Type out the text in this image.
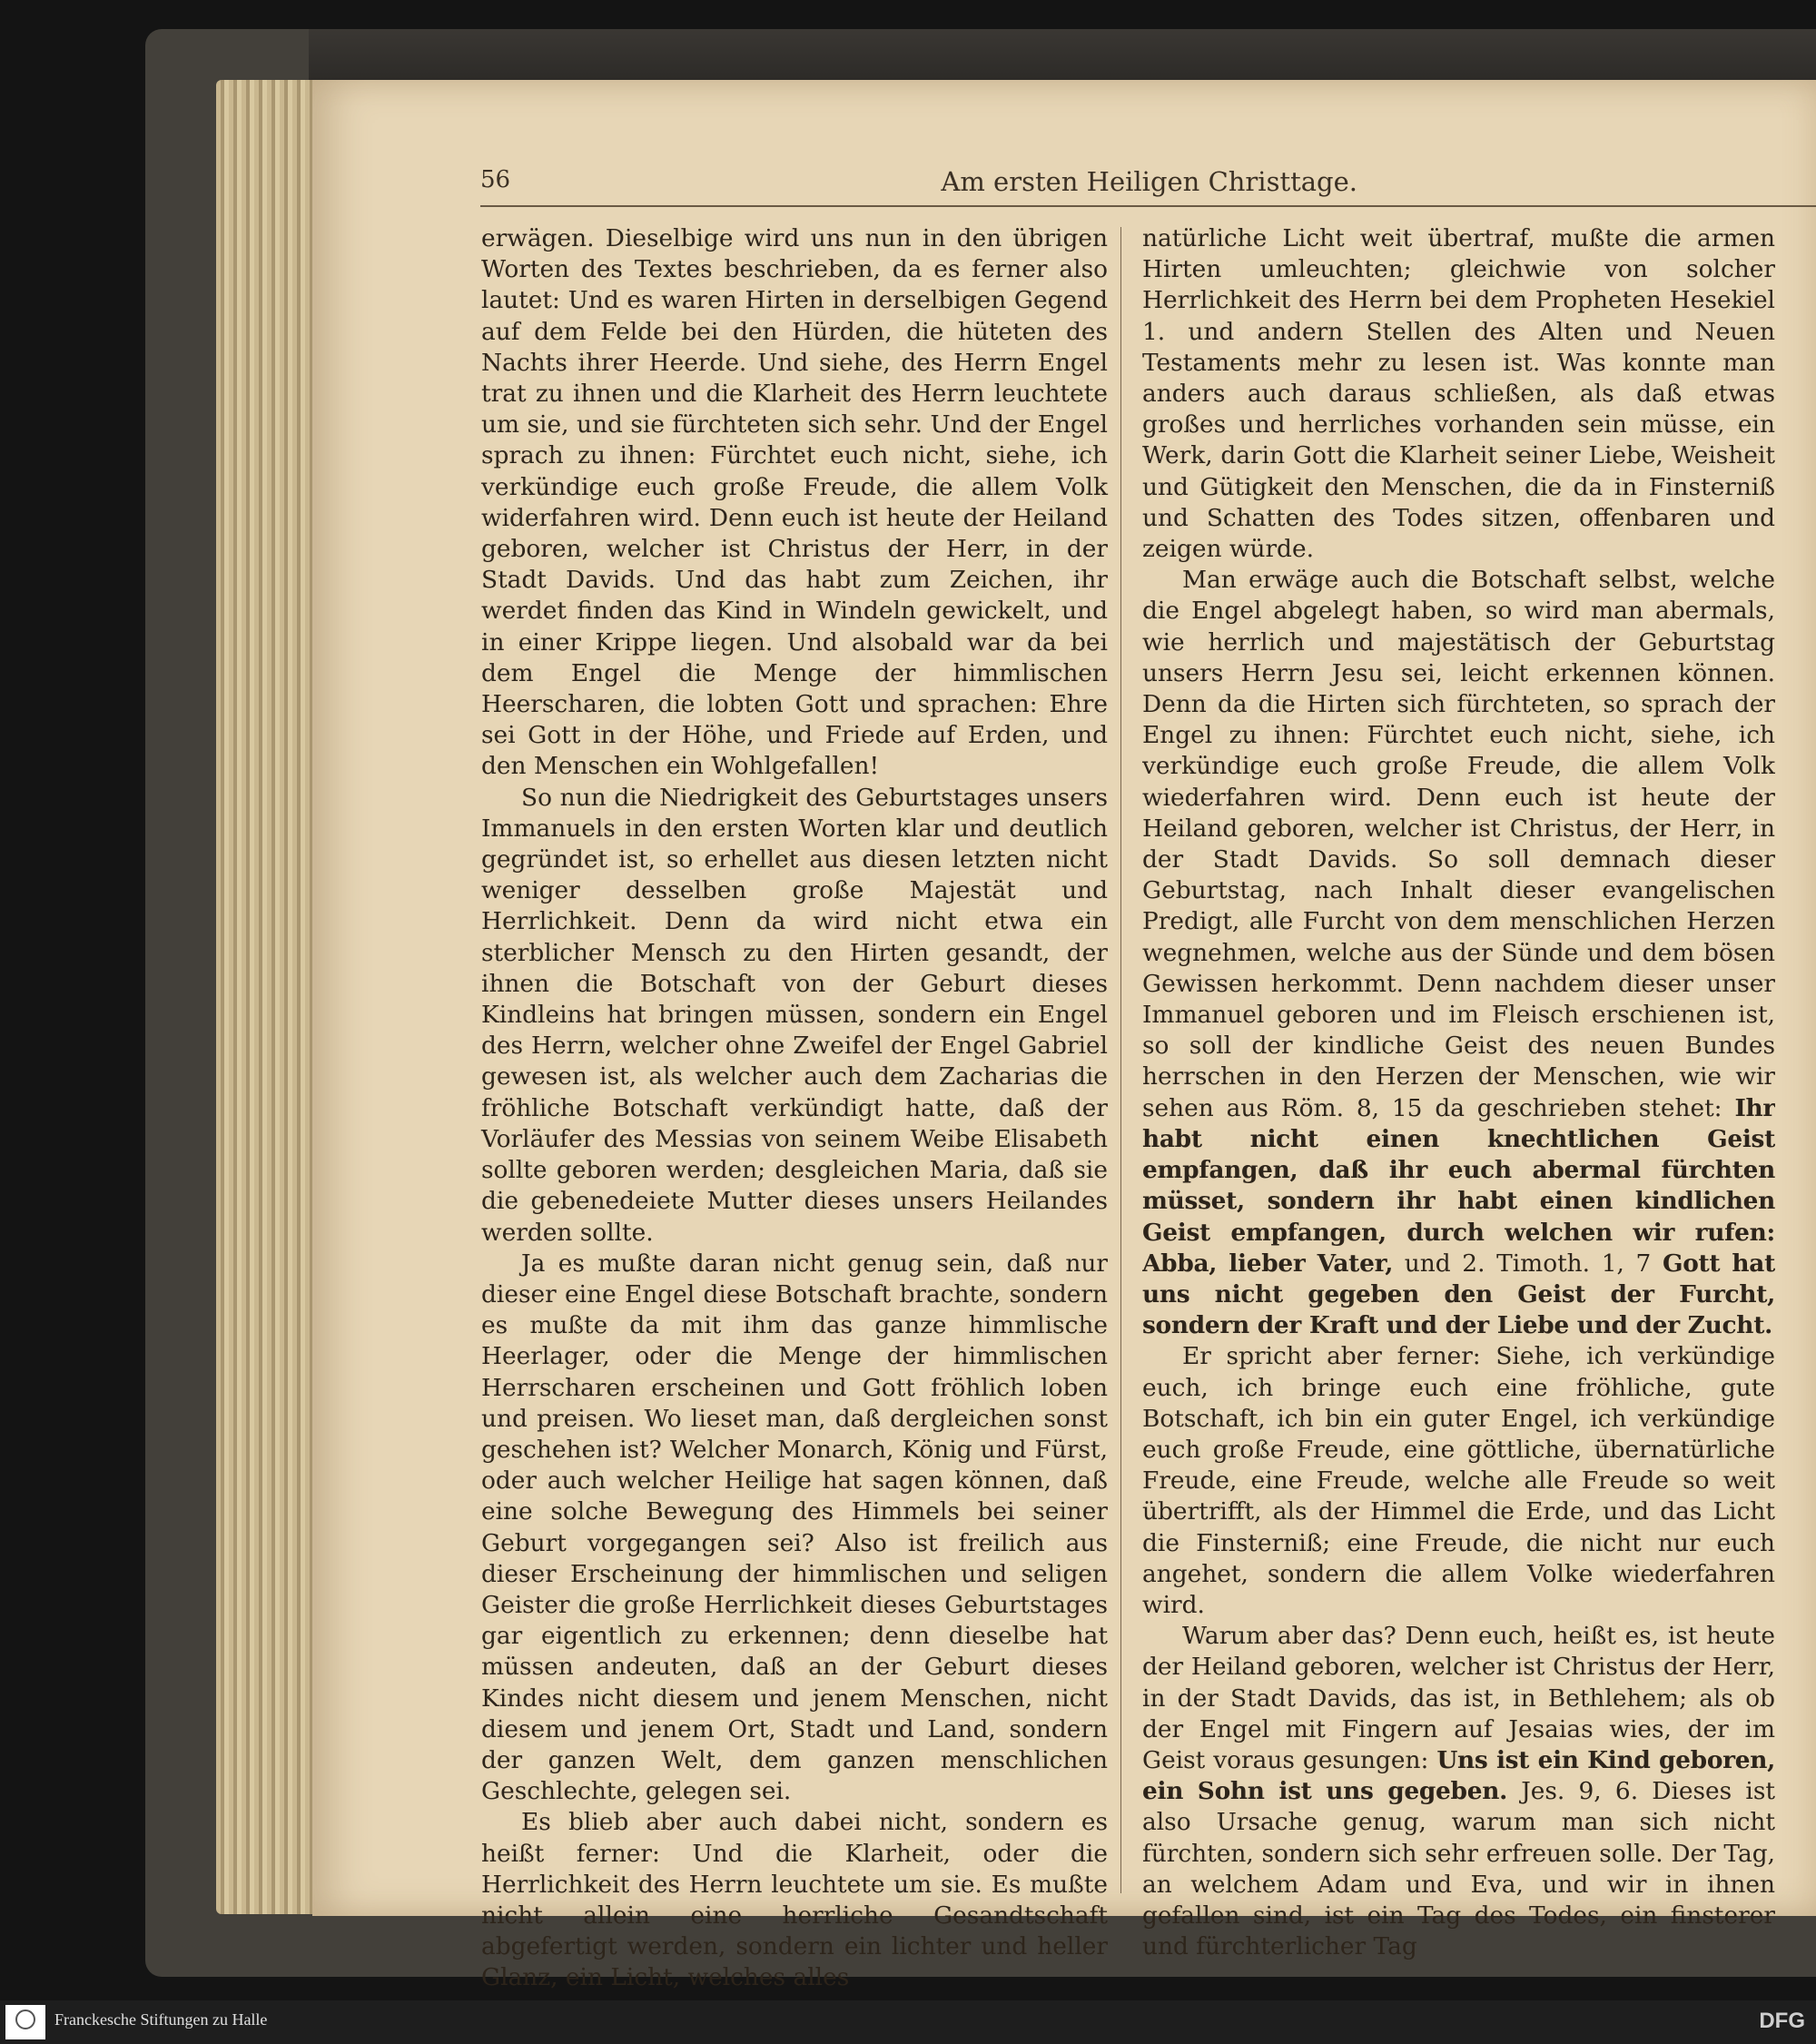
56	Am ersten Heiligen Christtage.

erwägen. Dieselbige wird uns nun in den übrigen Worten des Textes beschrieben, da es ferner also lautet: Und es waren Hirten in derselbigen Gegend auf dem Felde bei den Hürden, die hüteten des Nachts ihrer Heerde. Und siehe, des Herrn Engel trat zu ihnen und die Klarheit des Herrn leuchtete um sie, und sie fürchteten sich sehr. Und der Engel sprach zu ihnen: Fürchtet euch nicht, siehe, ich verkündige euch große Freude, die allem Volk widerfahren wird. Denn euch ist heute der Heiland geboren, welcher ist Christus der Herr, in der Stadt Davids. Und das habt zum Zeichen, ihr werdet finden das Kind in Windeln gewickelt, und in einer Krippe liegen. Und alsobald war da bei dem Engel die Menge der himmlischen Heerscharen, die lobten Gott und sprachen: Ehre sei Gott in der Höhe, und Friede auf Erden, und den Menschen ein Wohlgefallen!

So nun die Niedrigkeit des Geburtstages unsers Immanuels in den ersten Worten klar und deutlich gegründet ist, so erhellet aus diesen letzten nicht weniger desselben große Majestät und Herrlichkeit. Denn da wird nicht etwa ein sterblicher Mensch zu den Hirten gesandt, der ihnen die Botschaft von der Geburt dieses Kindleins hat bringen müssen, sondern ein Engel des Herrn, welcher ohne Zweifel der Engel Gabriel gewesen ist, als welcher auch dem Zacharias die fröhliche Botschaft verkündigt hatte, daß der Vorläufer des Messias von seinem Weibe Elisabeth sollte geboren werden; desgleichen Maria, daß sie die gebenedeiete Mutter dieses unsers Heilandes werden sollte.

Ja es mußte daran nicht genug sein, daß nur dieser eine Engel diese Botschaft brachte, sondern es mußte da mit ihm das ganze himmlische Heerlager, oder die Menge der himmlischen Herrscharen erscheinen und Gott fröhlich loben und preisen. Wo lieset man, daß dergleichen sonst geschehen ist? Welcher Monarch, König und Fürst, oder auch welcher Heilige hat sagen können, daß eine solche Bewegung des Himmels bei seiner Geburt vorgegangen sei? Also ist freilich aus dieser Erscheinung der himmlischen und seligen Geister die große Herrlichkeit dieses Geburtstages gar eigentlich zu erkennen; denn dieselbe hat müssen andeuten, daß an der Geburt dieses Kindes nicht diesem und jenem Menschen, nicht diesem und jenem Ort, Stadt und Land, sondern der ganzen Welt, dem ganzen menschlichen Geschlechte, gelegen sei.

Es blieb aber auch dabei nicht, sondern es heißt ferner: Und die Klarheit, oder die Herrlichkeit des Herrn leuchtete um sie. Es mußte nicht allein eine herrliche Gesandtschaft abgefertigt werden, sondern ein lichter und heller Glanz, ein Licht, welches alles

natürliche Licht weit übertraf, mußte die armen Hirten umleuchten; gleichwie von solcher Herrlichkeit des Herrn bei dem Propheten Hesekiel 1. und andern Stellen des Alten und Neuen Testaments mehr zu lesen ist. Was konnte man anders auch daraus schließen, als daß etwas großes und herrliches vorhanden sein müsse, ein Werk, darin Gott die Klarheit seiner Liebe, Weisheit und Gütigkeit den Menschen, die da in Finsterniß und Schatten des Todes sitzen, offenbaren und zeigen würde.

Man erwäge auch die Botschaft selbst, welche die Engel abgelegt haben, so wird man abermals, wie herrlich und majestätisch der Geburtstag unsers Herrn Jesu sei, leicht erkennen können. Denn da die Hirten sich fürchteten, so sprach der Engel zu ihnen: Fürchtet euch nicht, siehe, ich verkündige euch große Freude, die allem Volk wiederfahren wird. Denn euch ist heute der Heiland geboren, welcher ist Christus, der Herr, in der Stadt Davids. So soll demnach dieser Geburtstag, nach Inhalt dieser evangelischen Predigt, alle Furcht von dem menschlichen Herzen wegnehmen, welche aus der Sünde und dem bösen Gewissen herkommt. Denn nachdem dieser unser Immanuel geboren und im Fleisch erschienen ist, so soll der kindliche Geist des neuen Bundes herrschen in den Herzen der Menschen, wie wir sehen aus Röm. 8, 15 da geschrieben stehet: Ihr habt nicht einen knechtlichen Geist empfangen, daß ihr euch abermal fürchten müsset, sondern ihr habt einen kindlichen Geist empfangen, durch welchen wir rufen: Abba, lieber Vater, und 2. Timoth. 1, 7 Gott hat uns nicht gegeben den Geist der Furcht, sondern der Kraft und der Liebe und der Zucht.

Er spricht aber ferner: Siehe, ich verkündige euch, ich bringe euch eine fröhliche, gute Botschaft, ich bin ein guter Engel, ich verkündige euch große Freude, eine göttliche, übernatürliche Freude, eine Freude, welche alle Freude so weit übertrifft, als der Himmel die Erde, und das Licht die Finsterniß; eine Freude, die nicht nur euch angehet, sondern die allem Volke wiederfahren wird.

Warum aber das? Denn euch, heißt es, ist heute der Heiland geboren, welcher ist Christus der Herr, in der Stadt Davids, das ist, in Bethlehem; als ob der Engel mit Fingern auf Jesaias wies, der im Geist voraus gesungen: Uns ist ein Kind geboren, ein Sohn ist uns gegeben. Jes. 9, 6. Dieses ist also Ursache genug, warum man sich nicht fürchten, sondern sich sehr erfreuen solle. Der Tag, an welchem Adam und Eva, und wir in ihnen gefallen sind, ist ein Tag des Todes, ein finsterer und fürchterlicher Tag

Franckesche Stiftungen zu Halle	DFG
